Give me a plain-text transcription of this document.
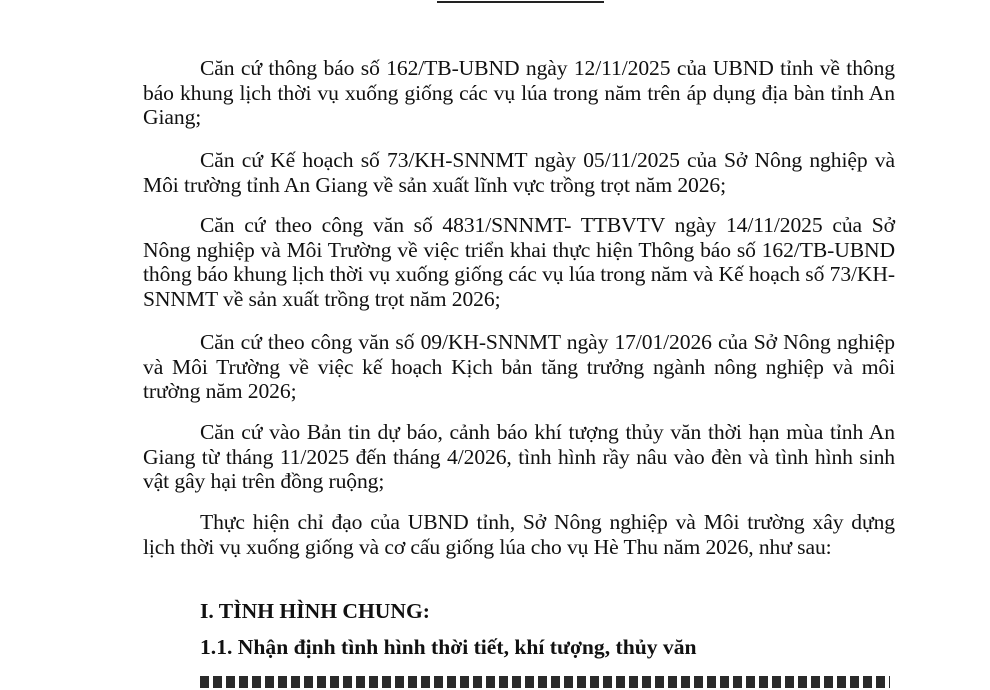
Căn cứ thông báo số 162/TB-UBND ngày 12/11/2025 của UBND tỉnh về thông báo khung lịch thời vụ xuống giống các vụ lúa trong năm trên áp dụng địa bàn tỉnh An Giang;

Căn cứ Kế hoạch số 73/KH-SNNMT ngày 05/11/2025 của Sở Nông nghiệp và Môi trường tỉnh An Giang về sản xuất lĩnh vực trồng trọt năm 2026;

Căn cứ theo công văn số 4831/SNNMT- TTBVTV ngày 14/11/2025 của Sở Nông nghiệp và Môi Trường về việc triển khai thực hiện Thông báo số 162/TB-UBND thông báo khung lịch thời vụ xuống giống các vụ lúa trong năm và Kế hoạch số 73/KH-SNNMT về sản xuất trồng trọt năm 2026;

Căn cứ theo công văn số 09/KH-SNNMT ngày 17/01/2026 của Sở Nông nghiệp và Môi Trường về việc kế hoạch Kịch bản tăng trưởng ngành nông nghiệp và môi trường năm 2026;

Căn cứ vào Bản tin dự báo, cảnh báo khí tượng thủy văn thời hạn mùa tỉnh An Giang từ tháng 11/2025 đến tháng 4/2026, tình hình rầy nâu vào đèn và tình hình sinh vật gây hại trên đồng ruộng;

Thực hiện chỉ đạo của UBND tỉnh, Sở Nông nghiệp và Môi trường xây dựng lịch thời vụ xuống giống và cơ cấu giống lúa cho vụ Hè Thu năm 2026, như sau:

I. TÌNH HÌNH CHUNG:
1.1. Nhận định tình hình thời tiết, khí tượng, thủy văn
